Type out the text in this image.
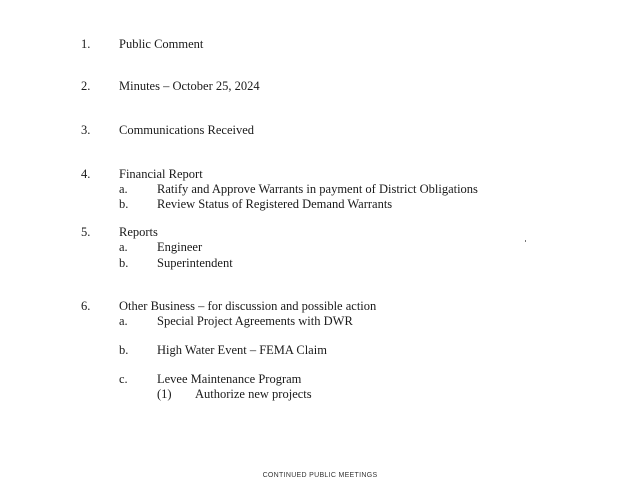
1. Public Comment
2. Minutes – October 25, 2024
3. Communications Received
4. Financial Report
a. Ratify and Approve Warrants in payment of District Obligations
b. Review Status of Registered Demand Warrants
5. Reports
a. Engineer
b. Superintendent
6. Other Business – for discussion and possible action
a. Special Project Agreements with DWR
b. High Water Event – FEMA Claim
c. Levee Maintenance Program
(1) Authorize new projects
CONTINUED PUBLIC MEETINGS
